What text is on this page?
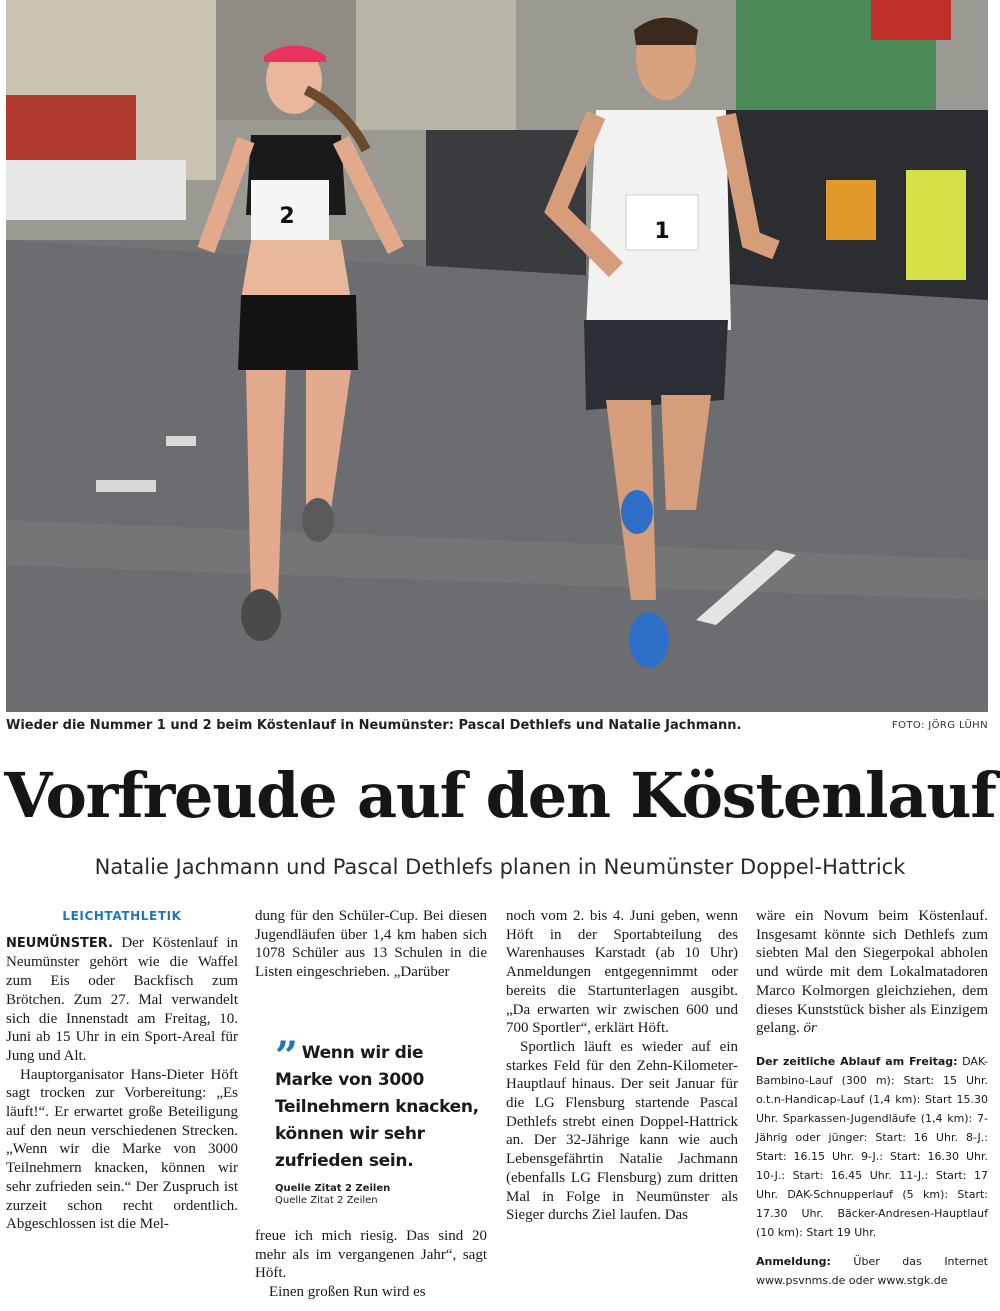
2
1
Wieder die Nummer 1 und 2 beim Köstenlauf in Neumünster: Pascal Dethlefs und Natalie Jachmann.	FOTO: JÖRG LÜHN
Vorfreude auf den Köstenlauf
Natalie Jachmann und Pascal Dethlefs planen in Neumünster Doppel-Hattrick
LEICHTATHLETIK

NEUMÜNSTER. Der Köstenlauf in Neumünster gehört wie die Waffel zum Eis oder Backfisch zum Brötchen. Zum 27. Mal verwandelt sich die Innenstadt am Freitag, 10. Juni ab 15 Uhr in ein Sport-Areal für Jung und Alt.

Hauptorganisator Hans-Dieter Höft sagt trocken zur Vorbereitung: „Es läuft!“. Er erwartet große Beteiligung auf den neun verschiedenen Strecken. „Wenn wir die Marke von 3000 Teilnehmern knacken, können wir sehr zufrieden sein.“ Der Zuspruch ist zurzeit schon recht ordentlich. Abgeschlossen ist die Mel-

dung für den Schüler-Cup. Bei diesen Jugendläufen über 1,4 km haben sich 1078 Schüler aus 13 Schulen in die Listen eingeschrieben. „Darüber

freue ich mich riesig. Das sind 20 mehr als im vergangenen Jahr“, sagt Höft.

Einen großen Run wird es

” Wenn wir die Marke von 3000 Teilnehmern knacken, können wir sehr zufrieden sein.
Quelle Zitat 2 Zeilen
Quelle Zitat 2 Zeilen

noch vom 2. bis 4. Juni geben, wenn Höft in der Sportabteilung des Warenhauses Karstadt (ab 10 Uhr) Anmeldungen entgegennimmt oder bereits die Startunterlagen ausgibt. „Da erwarten wir zwischen 600 und 700 Sportler“, erklärt Höft.

Sportlich läuft es wieder auf ein starkes Feld für den Zehn-Kilometer-Hauptlauf hinaus. Der seit Januar für die LG Flensburg startende Pascal Dethlefs strebt einen Doppel-Hattrick an. Der 32-Jährige kann wie auch Lebensgefährtin Natalie Jachmann (ebenfalls LG Flensburg) zum dritten Mal in Folge in Neumünster als Sieger durchs Ziel laufen. Das

wäre ein Novum beim Köstenlauf. Insgesamt könnte sich Dethlefs zum siebten Mal den Siegerpokal abholen und würde mit dem Lokalmatadoren Marco Kolmorgen gleichziehen, dem dieses Kunststück bisher als Einzigem gelang. ör

Der zeitliche Ablauf am Freitag: DAK-Bambino-Lauf (300 m): Start: 15 Uhr. o.t.n-Handicap-Lauf (1,4 km): Start 15.30 Uhr. Sparkassen-Jugendläufe (1,4 km): 7-Jährig oder jünger: Start: 16 Uhr. 8-J.: Start: 16.15 Uhr. 9-J.: Start: 16.30 Uhr. 10-J.: Start: 16.45 Uhr. 11-J.: Start: 17 Uhr. DAK-Schnupperlauf (5 km): Start: 17.30 Uhr. Bäcker-Andresen-Hauptlauf (10 km): Start 19 Uhr.
Anmeldung: Über das Internet www.psvnms.de oder www.stgk.de
